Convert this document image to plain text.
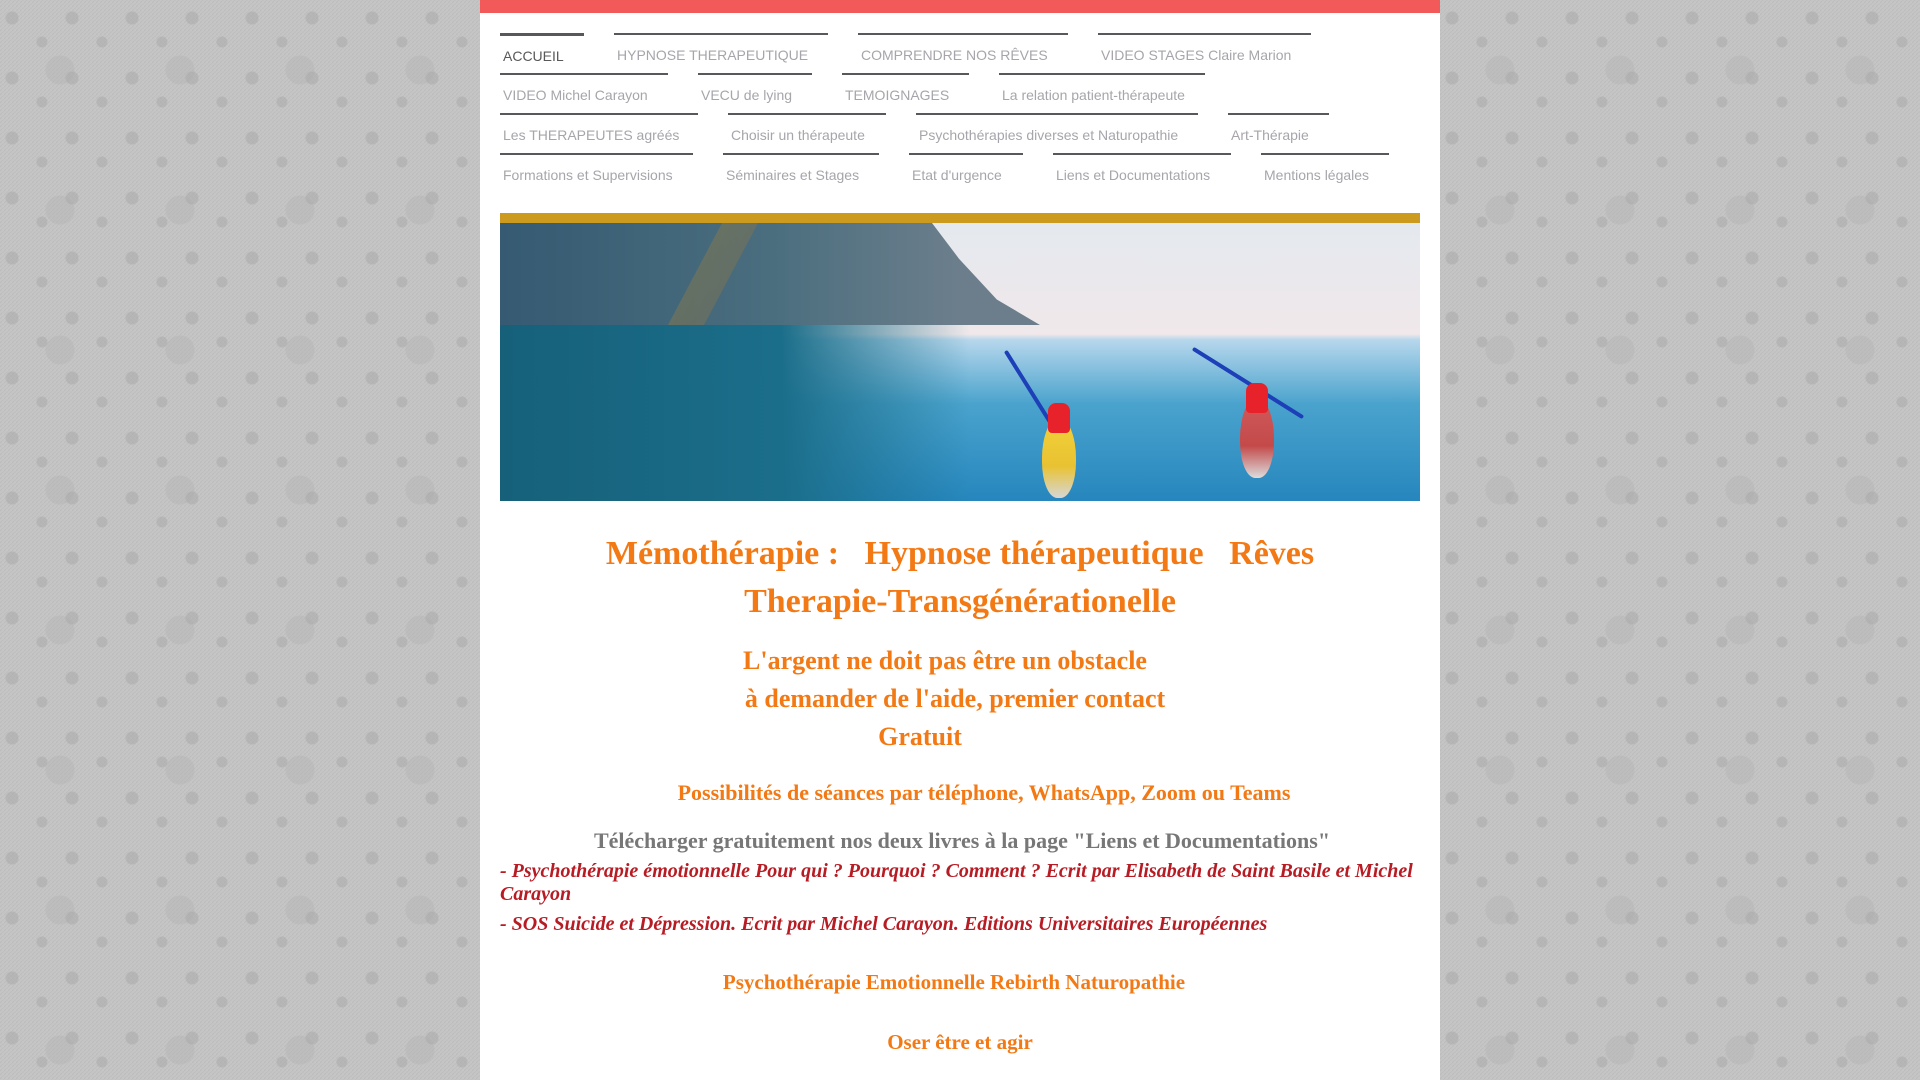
ACCUEIL	HYPNOSE THERAPEUTIQUE	COMPRENDRE NOS RÊVES	VIDEO STAGES Claire Marion
VIDEO Michel Carayon	VECU de lying	TEMOIGNAGES	La relation patient-thérapeute
Les THERAPEUTES agréés	Choisir un thérapeute	Psychothérapies diverses et Naturopathie	Art-Thérapie
Formations et Supervisions	Séminaires et Stages	Etat d'urgence	Liens et Documentations	Mentions légales
Mémothérapie :   Hypnose thérapeutique   Rêves
Therapie-Transgénérationelle
L'argent ne doit pas être un obstacle
à demander de l'aide, premier contact
Gratuit
Possibilités de séances par téléphone, WhatsApp, Zoom ou Teams
Télécharger gratuitement nos deux livres à la page "Liens et Documentations"
- Psychothérapie émotionnelle Pour qui ? Pourquoi ? Comment ? Ecrit par Elisabeth de Saint Basile et Michel Carayon
- SOS Suicide et Dépression. Ecrit par Michel Carayon. Editions Universitaires Européennes
Psychothérapie Emotionnelle Rebirth Naturopathie
Oser être et agir
